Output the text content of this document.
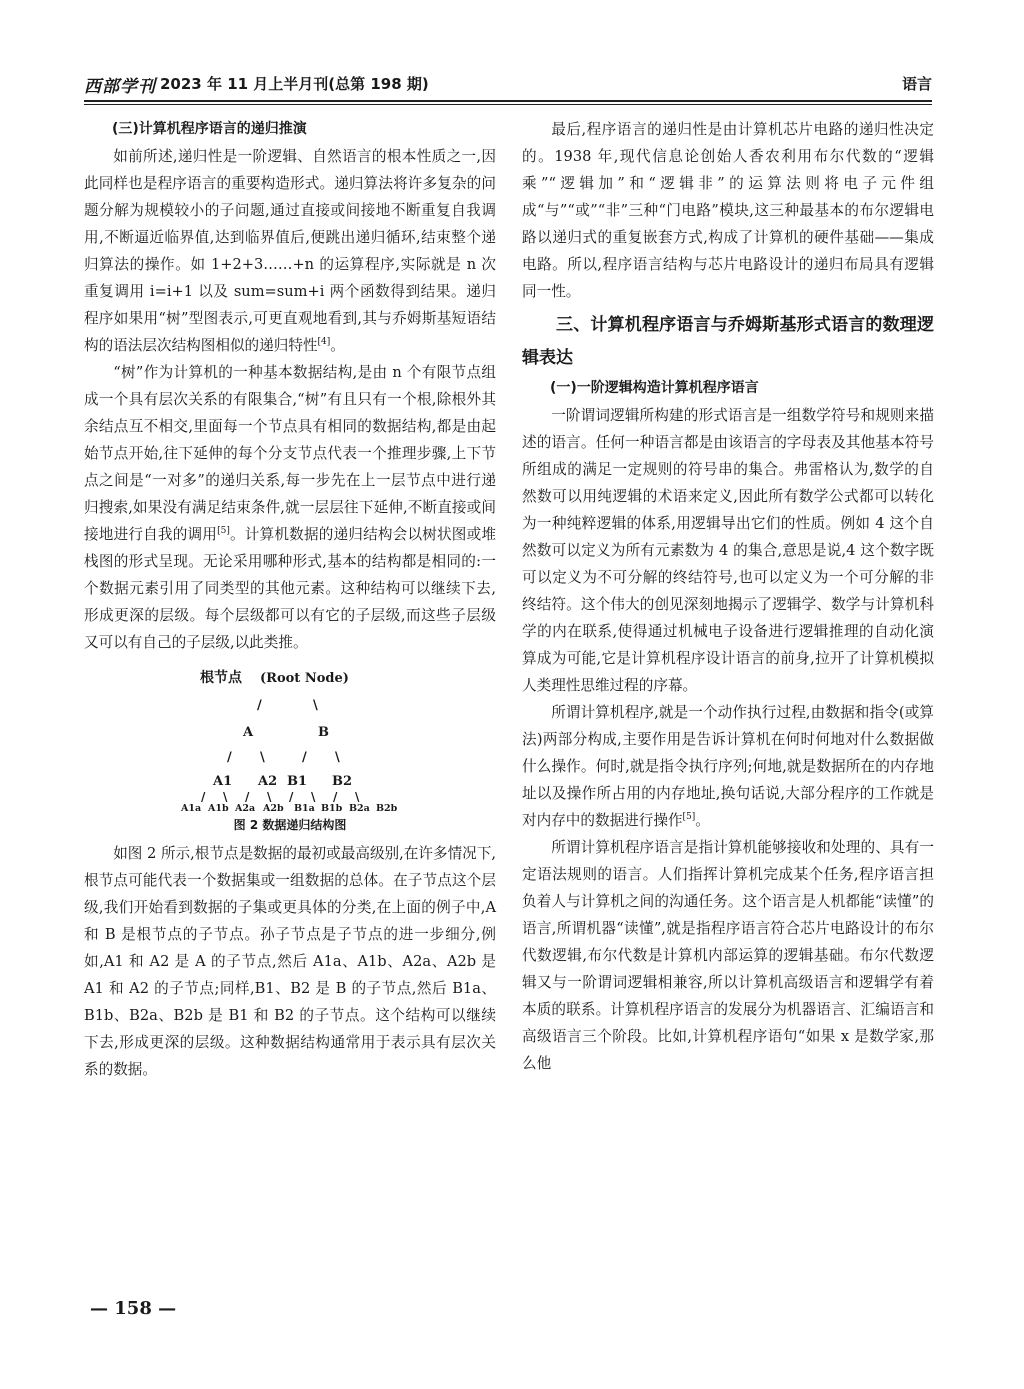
西部学刊 2023 年 11 月上半月刊(总第 198 期)	语言
(三)计算机程序语言的递归推演

如前所述,递归性是一阶逻辑、自然语言的根本性质之一,因此同样也是程序语言的重要构造形式。递归算法将许多复杂的问题分解为规模较小的子问题,通过直接或间接地不断重复自我调用,不断逼近临界值,达到临界值后,便跳出递归循环,结束整个递归算法的操作。如 1+2+3……+n 的运算程序,实际就是 n 次重复调用 i=i+1 以及 sum=sum+i 两个函数得到结果。递归程序如果用“树”型图表示,可更直观地看到,其与乔姆斯基短语结构的语法层次结构图相似的递归特性[4]。

“树”作为计算机的一种基本数据结构,是由 n 个有限节点组成一个具有层次关系的有限集合,“树”有且只有一个根,除根外其余结点互不相交,里面每一个节点具有相同的数据结构,都是由起始节点开始,往下延伸的每个分支节点代表一个推理步骤,上下节点之间是“一对多”的递归关系,每一步先在上一层节点中进行递归搜索,如果没有满足结束条件,就一层层往下延伸,不断直接或间接地进行自我的调用[5]。计算机数据的递归结构会以树状图或堆栈图的形式呈现。无论采用哪种形式,基本的结构都是相同的:一个数据元素引用了同类型的其他元素。这种结构可以继续下去,形成更深的层级。每个层级都可以有它的子层级,而这些子层级又可以有自己的子层级,以此类推。

根节点 (Root Node)
/	\
A	B
/ \	/ \
A1 A2 B1 B2
/ \ / \ / \ / \
A1a A1b A2a A2b B1a B1b B2a B2b
图 2 数据递归结构图

如图 2 所示,根节点是数据的最初或最高级别,在许多情况下,根节点可能代表一个数据集或一组数据的总体。在子节点这个层级,我们开始看到数据的子集或更具体的分类,在上面的例子中,A 和 B 是根节点的子节点。孙子节点是子节点的进一步细分,例如,A1 和 A2 是 A 的子节点,然后 A1a、A1b、A2a、A2b 是 A1 和 A2 的子节点;同样,B1、B2 是 B 的子节点,然后 B1a、B1b、B2a、B2b 是 B1 和 B2 的子节点。这个结构可以继续下去,形成更深的层级。这种数据结构通常用于表示具有层次关系的数据。

最后,程序语言的递归性是由计算机芯片电路的递归性决定的。1938 年,现代信息论创始人香农利用布尔代数的“逻辑乘”“逻辑加”和“逻辑非”的运算法则将电子元件组成“与”“或”“非”三种“门电路”模块,这三种最基本的布尔逻辑电路以递归式的重复嵌套方式,构成了计算机的硬件基础——集成电路。所以,程序语言结构与芯片电路设计的递归布局具有逻辑同一性。

三、计算机程序语言与乔姆斯基形式语言的数理逻辑表达
(一)一阶逻辑构造计算机程序语言

一阶谓词逻辑所构建的形式语言是一组数学符号和规则来描述的语言。任何一种语言都是由该语言的字母表及其他基本符号所组成的满足一定规则的符号串的集合。弗雷格认为,数学的自然数可以用纯逻辑的术语来定义,因此所有数学公式都可以转化为一种纯粹逻辑的体系,用逻辑导出它们的性质。例如 4 这个自然数可以定义为所有元素数为 4 的集合,意思是说,4 这个数字既可以定义为不可分解的终结符号,也可以定义为一个可分解的非终结符。这个伟大的创见深刻地揭示了逻辑学、数学与计算机科学的内在联系,使得通过机械电子设备进行逻辑推理的自动化演算成为可能,它是计算机程序设计语言的前身,拉开了计算机模拟人类理性思维过程的序幕。

所谓计算机程序,就是一个动作执行过程,由数据和指令(或算法)两部分构成,主要作用是告诉计算机在何时何地对什么数据做什么操作。何时,就是指令执行序列;何地,就是数据所在的内存地址以及操作所占用的内存地址,换句话说,大部分程序的工作就是对内存中的数据进行操作[5]。

所谓计算机程序语言是指计算机能够接收和处理的、具有一定语法规则的语言。人们指挥计算机完成某个任务,程序语言担负着人与计算机之间的沟通任务。这个语言是人机都能“读懂”的语言,所谓机器“读懂”,就是指程序语言符合芯片电路设计的布尔代数逻辑,布尔代数是计算机内部运算的逻辑基础。布尔代数逻辑又与一阶谓词逻辑相兼容,所以计算机高级语言和逻辑学有着本质的联系。计算机程序语言的发展分为机器语言、汇编语言和高级语言三个阶段。比如,计算机程序语句“如果 x 是数学家,那么他

— 158 —
